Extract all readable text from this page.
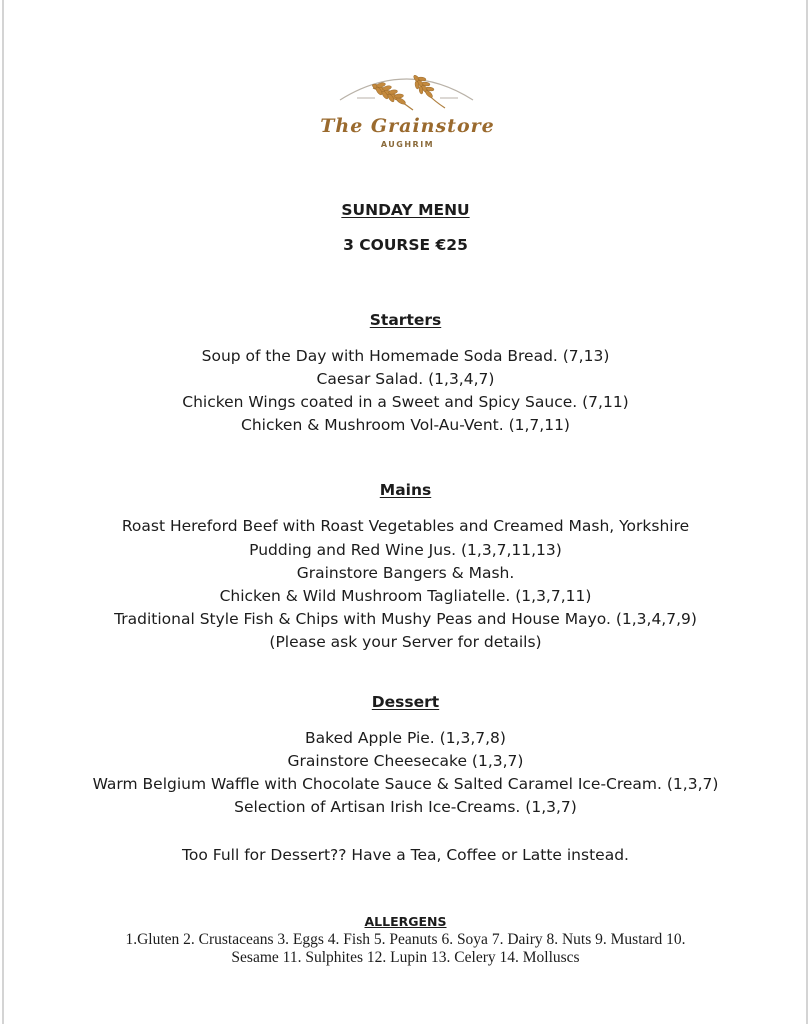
The Grainstore
AUGHRIM
SUNDAY MENU
3 COURSE €25
Starters
Soup of the Day with Homemade Soda Bread. (7,13)
Caesar Salad. (1,3,4,7)
Chicken Wings coated in a Sweet and Spicy Sauce. (7,11)
Chicken & Mushroom Vol-Au-Vent. (1,7,11)
Mains
Roast Hereford Beef with Roast Vegetables and Creamed Mash, Yorkshire
Pudding and Red Wine Jus. (1,3,7,11,13)
Grainstore Bangers & Mash.
Chicken & Wild Mushroom Tagliatelle. (1,3,7,11)
Traditional Style Fish & Chips with Mushy Peas and House Mayo. (1,3,4,7,9)
(Please ask your Server for details)
Dessert
Baked Apple Pie. (1,3,7,8)
Grainstore Cheesecake (1,3,7)
Warm Belgium Waffle with Chocolate Sauce & Salted Caramel Ice-Cream. (1,3,7)
Selection of Artisan Irish Ice-Creams. (1,3,7)
Too Full for Dessert?? Have a Tea, Coffee or Latte instead.
ALLERGENS
1.Gluten 2. Crustaceans 3. Eggs 4. Fish 5. Peanuts 6. Soya 7. Dairy 8. Nuts 9. Mustard 10.
Sesame 11. Sulphites 12. Lupin 13. Celery 14. Molluscs
